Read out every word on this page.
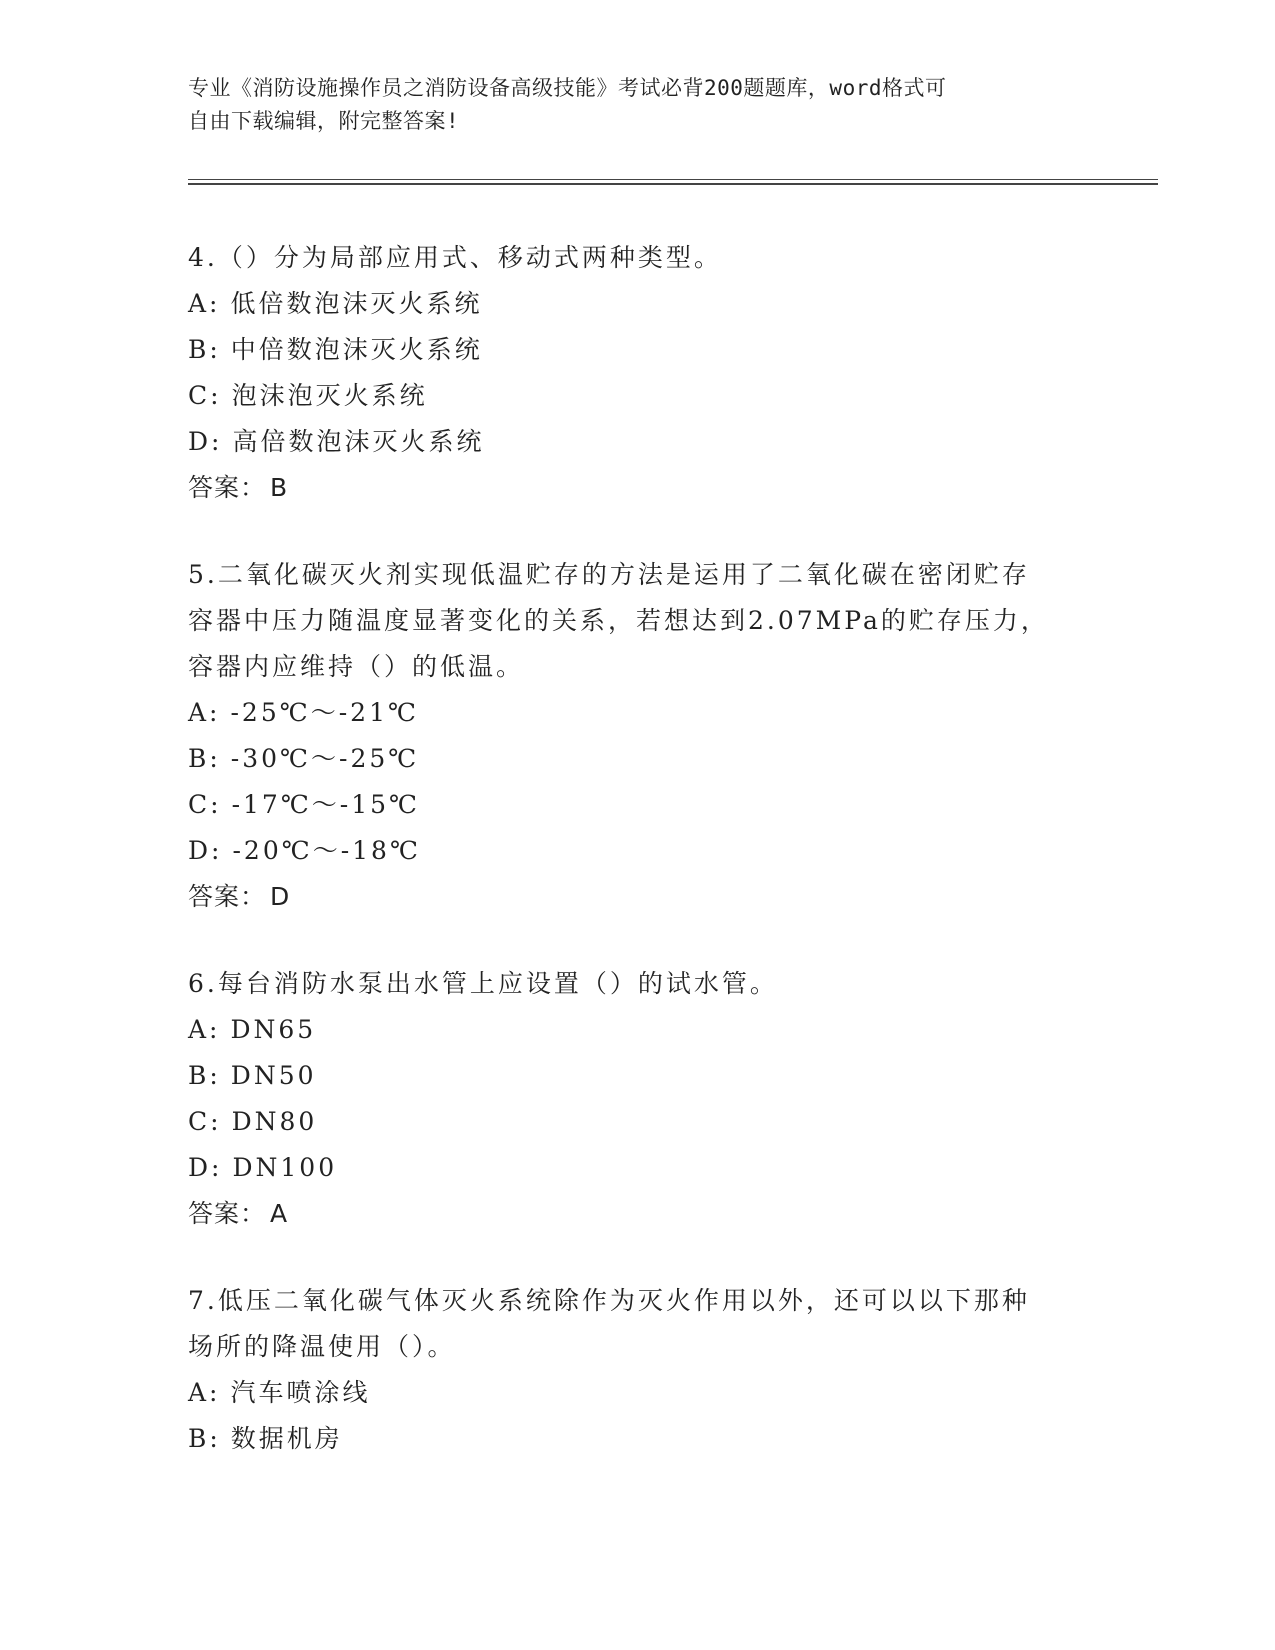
专业《消防设施操作员之消防设备高级技能》考试必背200题题库，word格式可
自由下载编辑，附完整答案!
4.（）分为局部应用式、移动式两种类型。
A: 低倍数泡沫灭火系统
B: 中倍数泡沫灭火系统
C: 泡沫泡灭火系统
D: 高倍数泡沫灭火系统
答案： B
5.二氧化碳灭火剂实现低温贮存的方法是运用了二氧化碳在密闭贮存
容器中压力随温度显著变化的关系，若想达到2.07MPa的贮存压力，
容器内应维持（）的低温。
A: -25℃～-21℃
B: -30℃～-25℃
C: -17℃～-15℃
D: -20℃～-18℃
答案： D
6.每台消防水泵出水管上应设置（）的试水管。
A: DN65
B: DN50
C: DN80
D: DN100
答案： A
7.低压二氧化碳气体灭火系统除作为灭火作用以外，还可以以下那种
场所的降温使用（）。
A: 汽车喷涂线
B: 数据机房
